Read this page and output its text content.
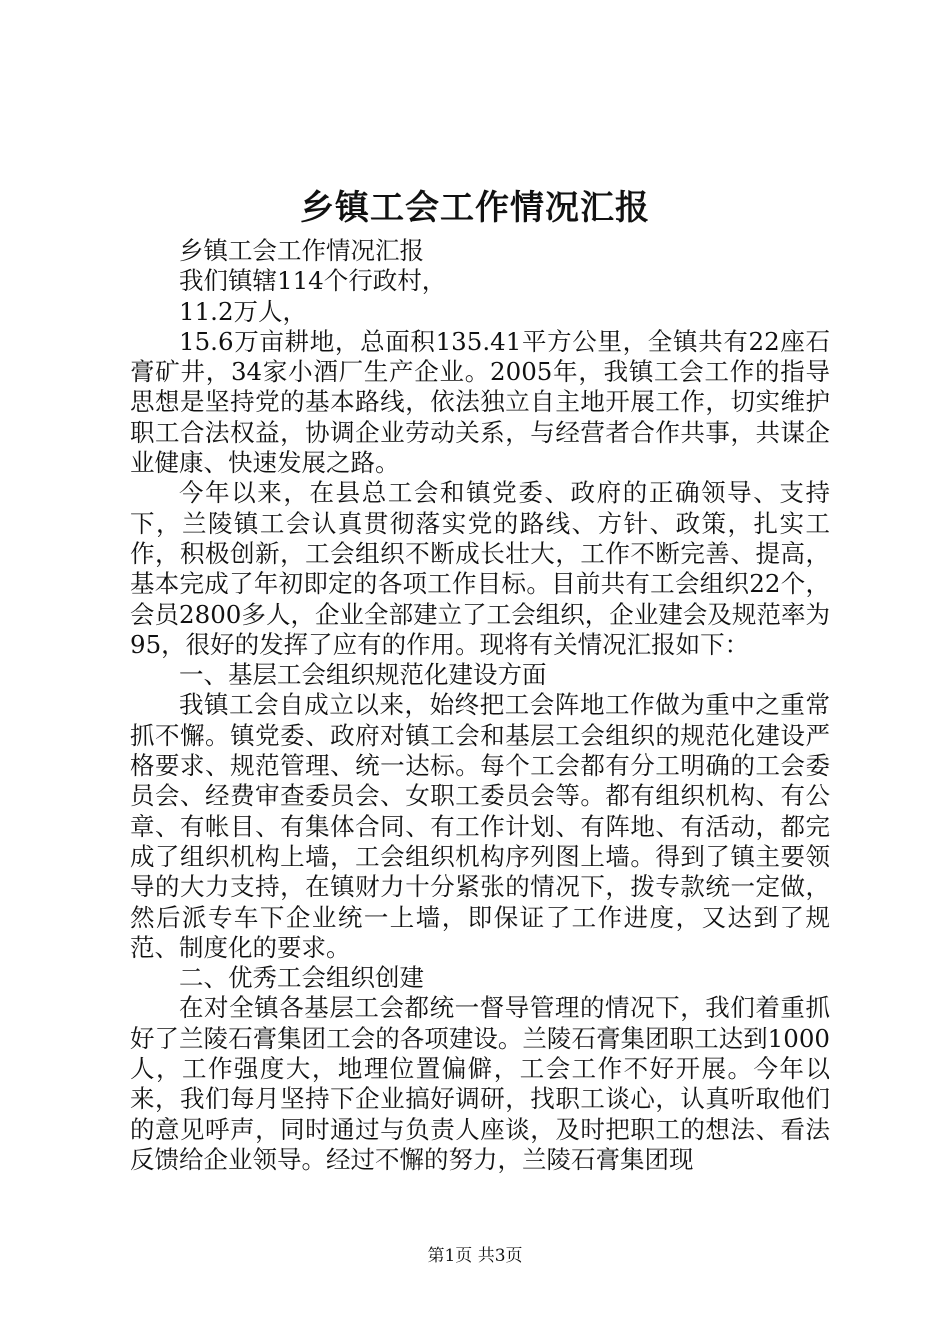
乡镇工会工作情况汇报

乡镇工会工作情况汇报

我们镇辖114个行政村，

11.2万人，

15.6万亩耕地，总面积135.41平方公里，全镇共有22座石膏矿井，34家小酒厂生产企业。2005年，我镇工会工作的指导思想是坚持党的基本路线，依法独立自主地开展工作，切实维护职工合法权益，协调企业劳动关系，与经营者合作共事，共谋企业健康、快速发展之路。

今年以来，在县总工会和镇党委、政府的正确领导、支持下，兰陵镇工会认真贯彻落实党的路线、方针、政策，扎实工作，积极创新，工会组织不断成长壮大，工作不断完善、提高，基本完成了年初即定的各项工作目标。目前共有工会组织22个，会员2800多人，企业全部建立了工会组织，企业建会及规范率为95，很好的发挥了应有的作用。现将有关情况汇报如下：

一、基层工会组织规范化建设方面

我镇工会自成立以来，始终把工会阵地工作做为重中之重常抓不懈。镇党委、政府对镇工会和基层工会组织的规范化建设严格要求、规范管理、统一达标。每个工会都有分工明确的工会委员会、经费审查委员会、女职工委员会等。都有组织机构、有公章、有帐目、有集体合同、有工作计划、有阵地、有活动，都完成了组织机构上墙，工会组织机构序列图上墙。得到了镇主要领导的大力支持，在镇财力十分紧张的情况下，拨专款统一定做，然后派专车下企业统一上墙，即保证了工作进度，又达到了规范、制度化的要求。

二、优秀工会组织创建

在对全镇各基层工会都统一督导管理的情况下，我们着重抓好了兰陵石膏集团工会的各项建设。兰陵石膏集团职工达到1000人，工作强度大，地理位置偏僻，工会工作不好开展。今年以来，我们每月坚持下企业搞好调研，找职工谈心，认真听取他们的意见呼声，同时通过与负责人座谈，及时把职工的想法、看法反馈给企业领导。经过不懈的努力，兰陵石膏集团现

第1页 共3页
